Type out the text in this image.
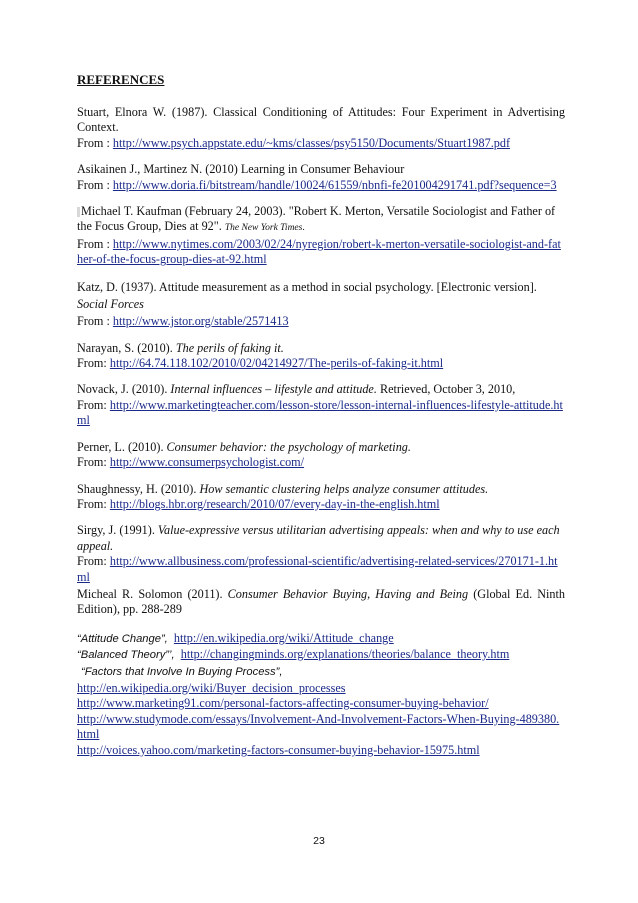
REFERENCES
Stuart, Elnora W. (1987). Classical Conditioning of Attitudes: Four Experiment in Advertising Context.
From : http://www.psych.appstate.edu/~kms/classes/psy5150/Documents/Stuart1987.pdf
Asikainen J., Martinez N. (2010) Learning in Consumer Behaviour
From : http://www.doria.fi/bitstream/handle/10024/61559/nbnfi-fe201004291741.pdf?sequence=3
Michael T. Kaufman (February 24, 2003). "Robert K. Merton, Versatile Sociologist and Father of the Focus Group, Dies at 92". The New York Times.
From : http://www.nytimes.com/2003/02/24/nyregion/robert-k-merton-versatile-sociologist-and-father-of-the-focus-group-dies-at-92.html
Katz, D. (1937). Attitude measurement as a method in social psychology. [Electronic version]. Social Forces
From : http://www.jstor.org/stable/2571413
Narayan, S. (2010). The perils of faking it.
From: http://64.74.118.102/2010/02/04214927/The-perils-of-faking-it.html
Novack, J. (2010). Internal influences – lifestyle and attitude. Retrieved, October 3, 2010,
From: http://www.marketingteacher.com/lesson-store/lesson-internal-influences-lifestyle-attitude.html
Perner, L. (2010). Consumer behavior: the psychology of marketing.
From: http://www.consumerpsychologist.com/
Shaughnessy, H. (2010). How semantic clustering helps analyze consumer attitudes.
From: http://blogs.hbr.org/research/2010/07/every-day-in-the-english.html
Sirgy, J. (1991). Value-expressive versus utilitarian advertising appeals: when and why to use each appeal.
From: http://www.allbusiness.com/professional-scientific/advertising-related-services/270171-1.html
Micheal R. Solomon (2011). Consumer Behavior Buying, Having and Being (Global Ed. Ninth Edition), pp. 288-289
“Attitude Change”, http://en.wikipedia.org/wiki/Attitude_change
“Balanced Theory”’, http://changingminds.org/explanations/theories/balance_theory.htm
“Factors that Involve In Buying Process”,
http://en.wikipedia.org/wiki/Buyer_decision_processes
http://www.marketing91.com/personal-factors-affecting-consumer-buying-behavior/
http://www.studymode.com/essays/Involvement-And-Involvement-Factors-When-Buying-489380.html
http://voices.yahoo.com/marketing-factors-consumer-buying-behavior-15975.html
23
